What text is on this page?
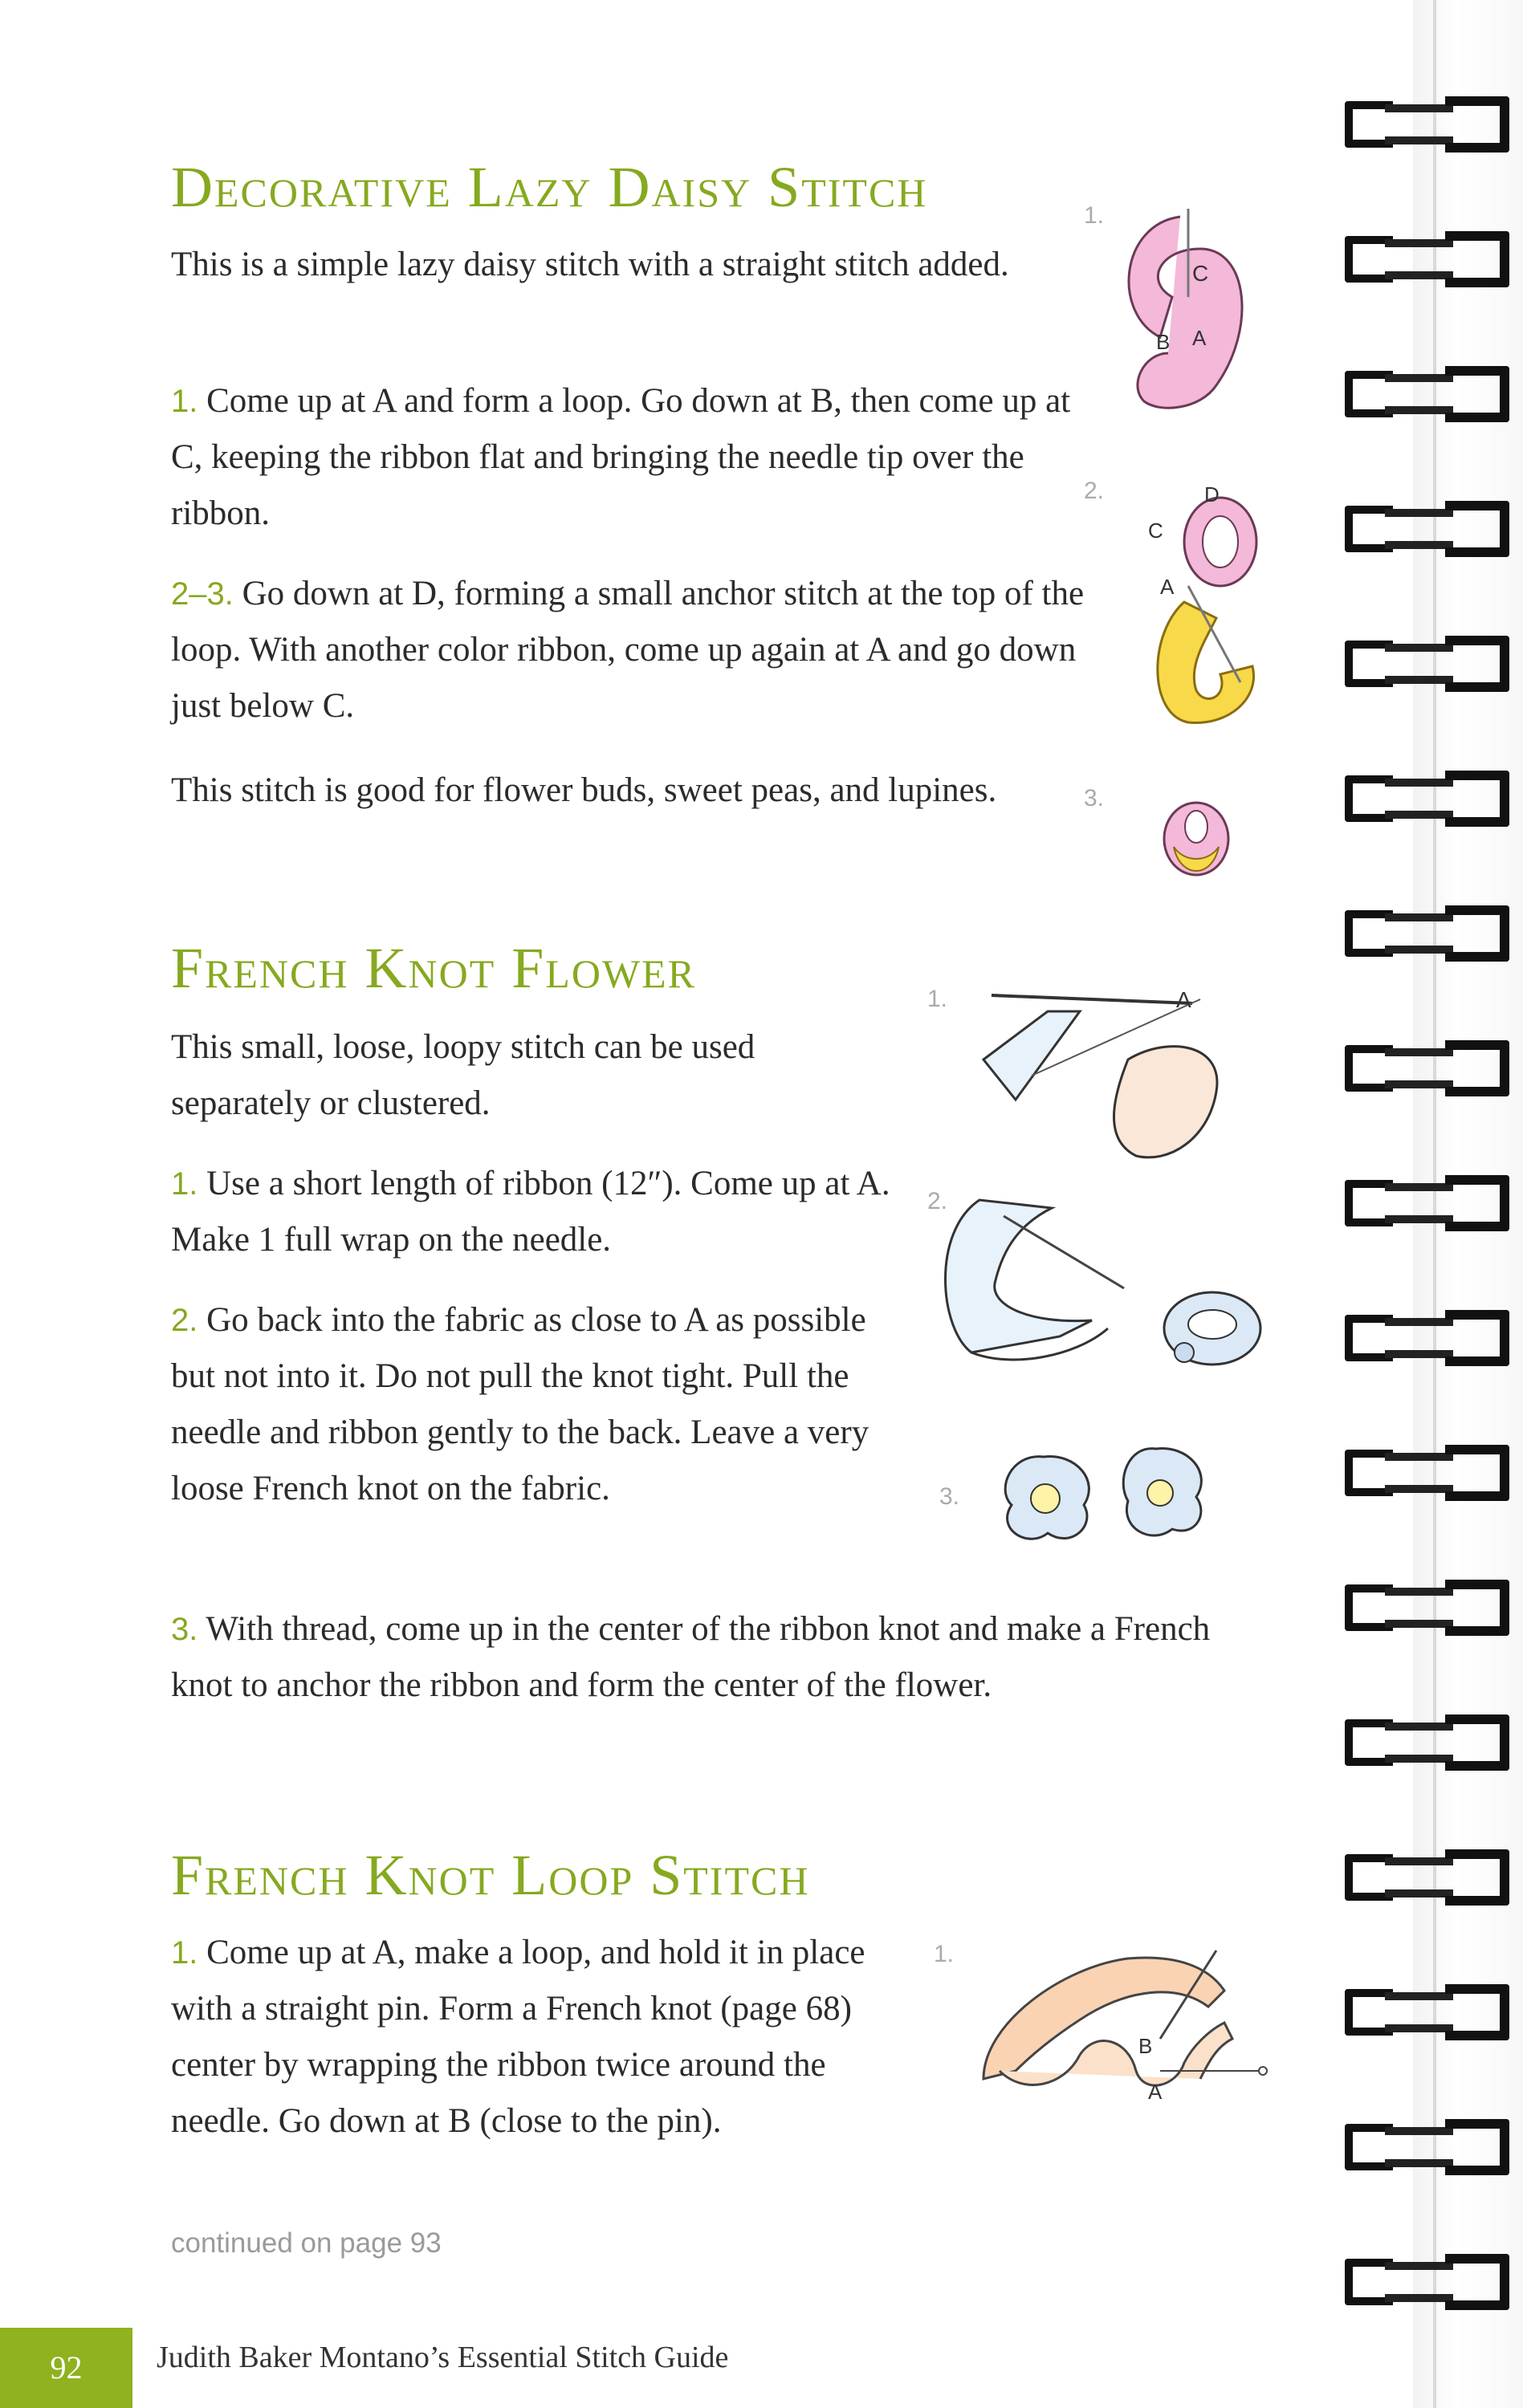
Decorative Lazy Daisy Stitch

This is a simple lazy daisy stitch with a straight stitch added.

1. Come up at A and form a loop. Go down at B, then come up at C, keeping the ribbon flat and bringing the needle tip over the ribbon.

2–3. Go down at D, forming a small anchor stitch at the top of the loop. With another color ribbon, come up again at A and go down just below C.

This stitch is good for flower buds, sweet peas, and lupines.

1.
C
B A
2.	D
C
A
3.
French Knot Flower

This small, loose, loopy stitch can be used separately or clustered.

1. Use a short length of ribbon (12″). Come up at A. Make 1 full wrap on the needle.

2. Go back into the fabric as close to A as possible but not into it. Do not pull the knot tight. Pull the needle and ribbon gently to the back. Leave a very loose French knot on the fabric.

3. With thread, come up in the center of the ribbon knot and make a French knot to anchor the ribbon and form the center of the flower.

1.	A
2.
3.
French Knot Loop Stitch

1. Come up at A, make a loop, and hold it in place with a straight pin. Form a French knot (page 68) center by wrapping the ribbon twice around the needle. Go down at B (close to the pin).

continued on page 93
1.
B
A
92	Judith Baker Montano’s Essential Stitch Guide
